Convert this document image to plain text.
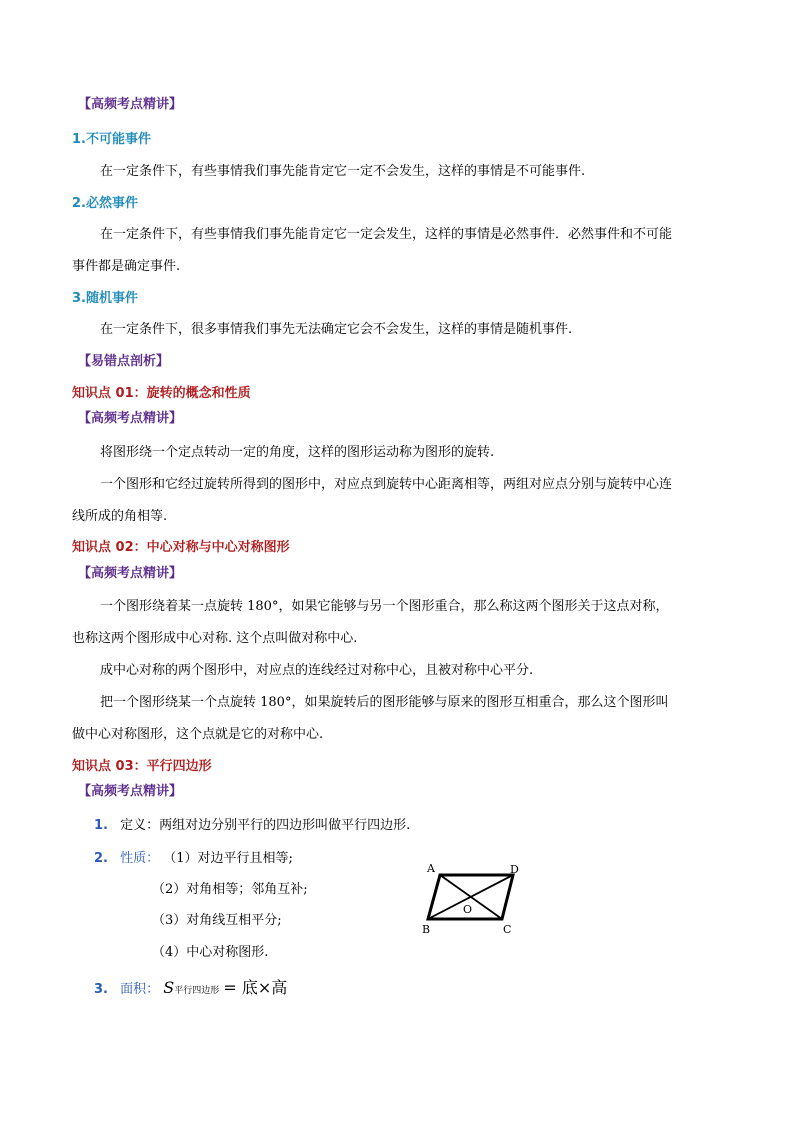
【高频考点精讲】
1.不可能事件
在一定条件下，有些事情我们事先能肯定它一定不会发生，这样的事情是不可能事件.
2.必然事件
在一定条件下，有些事情我们事先能肯定它一定会发生，这样的事情是必然事件．必然事件和不可能
事件都是确定事件.
3.随机事件
在一定条件下，很多事情我们事先无法确定它会不会发生，这样的事情是随机事件.
【易错点剖析】
知识点 01：旋转的概念和性质
【高频考点精讲】
将图形绕一个定点转动一定的角度，这样的图形运动称为图形的旋转.
一个图形和它经过旋转所得到的图形中，对应点到旋转中心距离相等，两组对应点分别与旋转中心连
线所成的角相等.
知识点 02：中心对称与中心对称图形
【高频考点精讲】
一个图形绕着某一点旋转 180°，如果它能够与另一个图形重合，那么称这两个图形关于这点对称，
也称这两个图形成中心对称. 这个点叫做对称中心.
成中心对称的两个图形中，对应点的连线经过对称中心，且被对称中心平分.
把一个图形绕某一个点旋转 180°，如果旋转后的图形能够与原来的图形互相重合，那么这个图形叫
做中心对称图形，这个点就是它的对称中心.
知识点 03：平行四边形
【高频考点精讲】
1. 定义：两组对边分别平行的四边形叫做平行四边形.
2. 性质： （1）对边平行且相等;
（2）对角相等；邻角互补;
（3）对角线互相平分;
（4）中心对称图形.
3. 面积： S平行四边形 = 底×高
A	D
B	C
O
